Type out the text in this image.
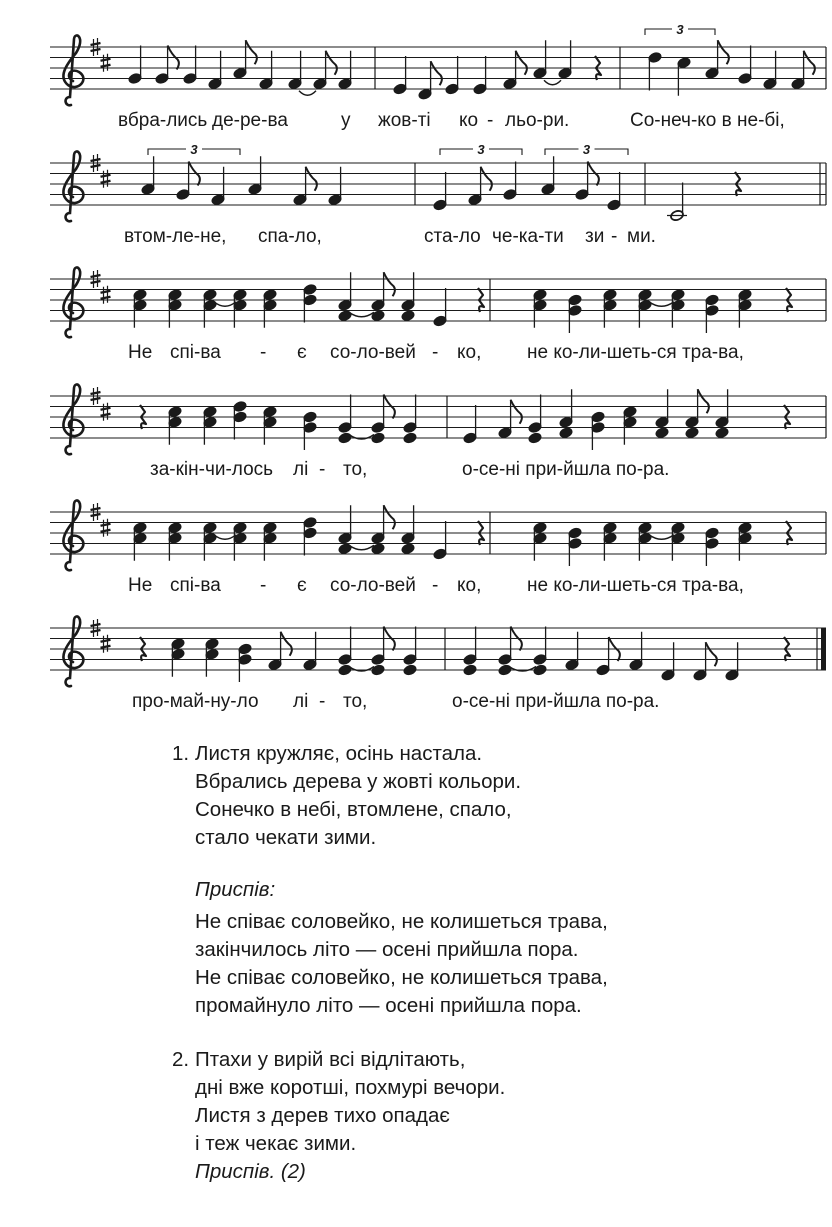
3
3	3	3
вбра-лись де-ре-ва	у жов-ті ко - льо-ри.	Со-неч-ко в не-бі,
втом-ле-не, спа-ло,	ста-ло че-ка-ти зи - ми.
Не спі-ва - є со-ло-вей - ко, не ко-ли-шеть-ся тра-ва,
за-кін-чи-лось лі - то,	о-се-ні при-йшла по-ра.
Не спі-ва - є со-ло-вей - ко, не ко-ли-шеть-ся тра-ва,
про-май-ну-ло лі - то,	о-се-ні при-йшла по-ра.
1. Листя кружляє, осінь настала.
Вбрались дерева у жовті кольори.
Сонечко в небі, втомлене, спало,
стало чекати зими.
Приспів:
Не співає соловейко, не колишеться трава,
закінчилось літо — осені прийшла пора.
Не співає соловейко, не колишеться трава,
промайнуло літо — осені прийшла пора.
2. Птахи у вирій всі відлітають,
дні вже коротші, похмурі вечори.
Листя з дерев тихо опадає
і теж чекає зими.
Приспів. (2)
